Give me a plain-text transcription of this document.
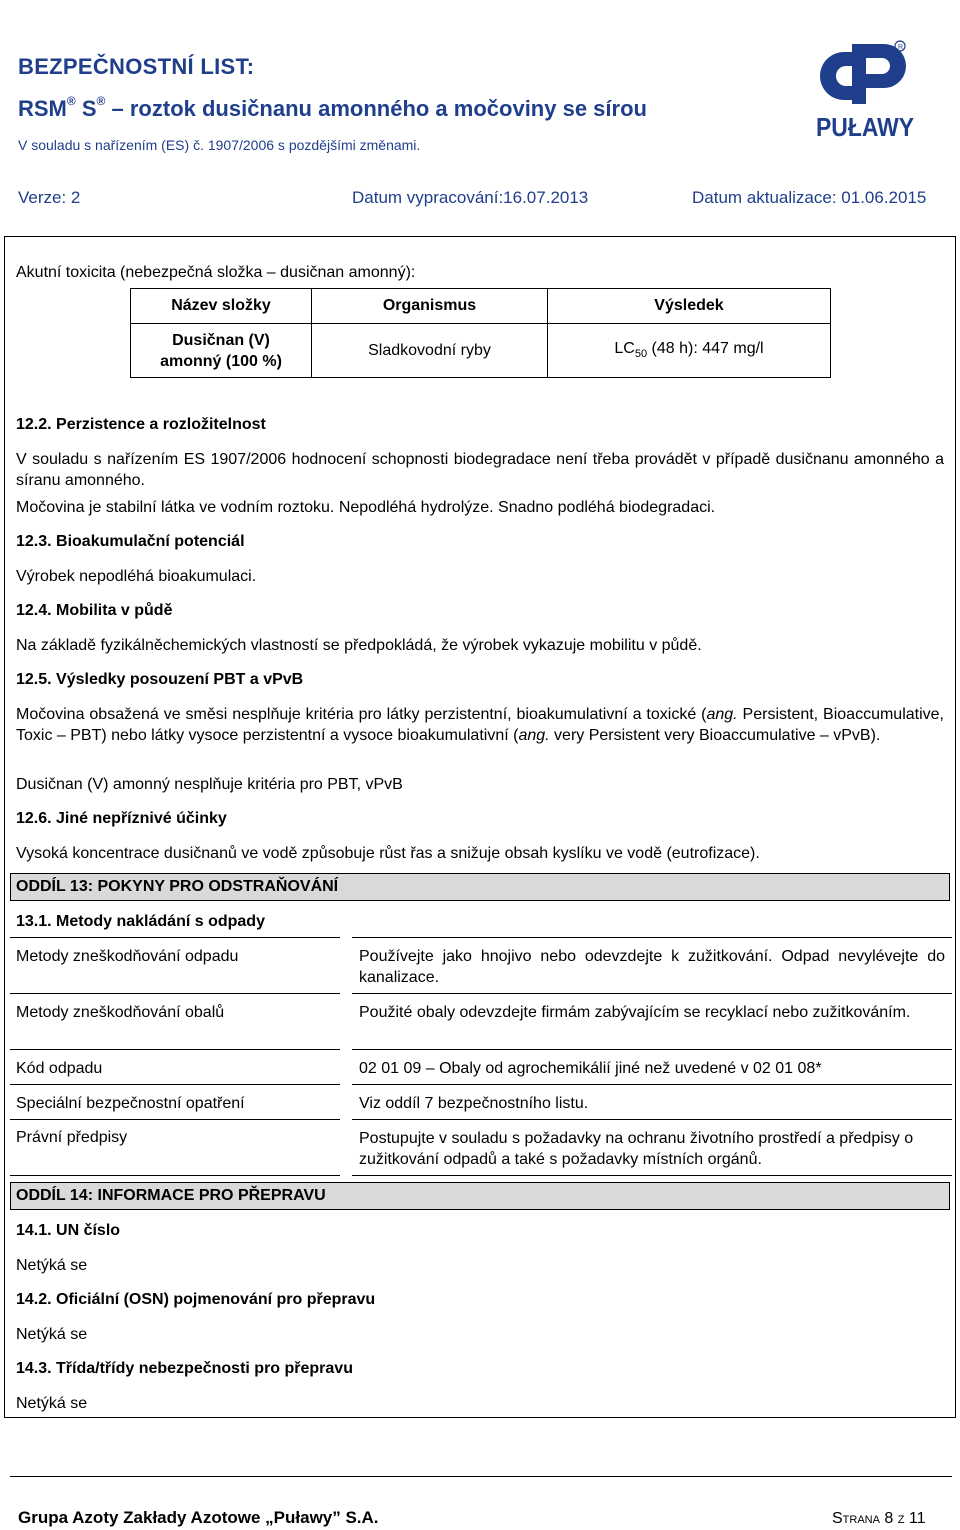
BEZPEČNOSTNÍ LIST:
RSM® S® – roztok dusičnanu amonného a močoviny se sírou
V souladu s nařízením (ES) č. 1907/2006 s pozdějšími změnami.
Verze: 2	Datum vypracování:16.07.2013	Datum aktualizace: 01.06.2015
R
PUŁAWY
Akutní toxicita (nebezpečná složka – dusičnan amonný):
Název složky	Organismus	Výsledek

Dusičnan (V)
amonný (100 %)	Sladkovodní ryby	$LC_{50}$ (48 h): 447 mg/l
12.2. Perzistence a rozložitelnost
V souladu s nařízením ES 1907/2006 hodnocení schopnosti biodegradace není třeba provádět v případě dusičnanu amonného a síranu amonného.
Močovina je stabilní látka ve vodním roztoku. Nepodléhá hydrolýze. Snadno podléhá biodegradaci.
12.3. Bioakumulační potenciál
Výrobek nepodléhá bioakumulaci.
12.4. Mobilita v půdě
Na základě fyzikálněchemických vlastností se předpokládá, že výrobek vykazuje mobilitu v půdě.
12.5. Výsledky posouzení PBT a vPvB
Močovina obsažená ve směsi nesplňuje kritéria pro látky perzistentní, bioakumulativní a toxické (ang. Persistent, Bioaccumulative, Toxic – PBT) nebo látky vysoce perzistentní a vysoce bioakumulativní (ang. very Persistent very Bioaccumulative – vPvB).
Dusičnan (V) amonný nesplňuje kritéria pro PBT, vPvB
12.6. Jiné nepříznivé účinky
Vysoká koncentrace dusičnanů ve vodě způsobuje růst řas a snižuje obsah kyslíku ve vodě (eutrofizace).
ODDÍL 13: POKYNY PRO ODSTRAŇOVÁNÍ
13.1. Metody nakládání s odpady
Metody zneškodňování odpadu	Používejte jako hnojivo nebo odevzdejte k zužitkování. Odpad nevylévejte do kanalizace.
Metody zneškodňování obalů	Použité obaly odevzdejte firmám zabývajícím se recyklací nebo zužitkováním.
Kód odpadu	02 01 09 – Obaly od agrochemikálií jiné než uvedené v 02 01 08*
Speciální bezpečnostní opatření	Viz oddíl 7 bezpečnostního listu.
Právní předpisy	Postupujte v souladu s požadavky na ochranu životního prostředí a předpisy o zužitkování odpadů a také s požadavky místních orgánů.
ODDÍL 14: INFORMACE PRO PŘEPRAVU
14.1. UN číslo
Netýká se
14.2. Oficiální (OSN) pojmenování pro přepravu
Netýká se
14.3. Třída/třídy nebezpečnosti pro přepravu
Netýká se
Grupa Azoty Zakłady Azotowe „Puławy” S.A.	Strana 8 z 11
